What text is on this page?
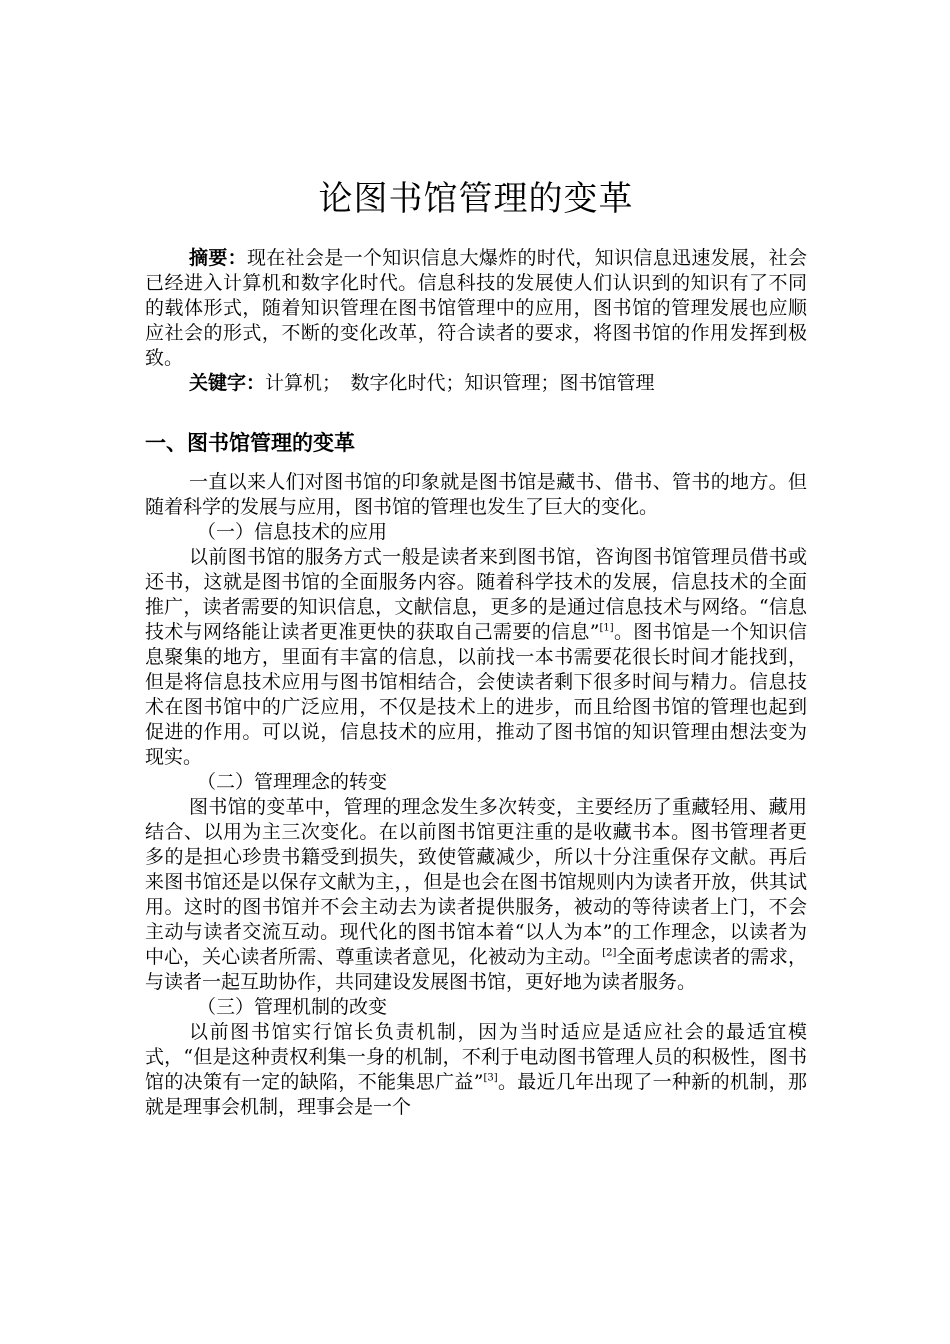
论图书馆管理的变革

摘要：现在社会是一个知识信息大爆炸的时代，知识信息迅速发展，社会已经进入计算机和数字化时代。信息科技的发展使人们认识到的知识有了不同的载体形式，随着知识管理在图书馆管理中的应用，图书馆的管理发展也应顺应社会的形式，不断的变化改革，符合读者的要求，将图书馆的作用发挥到极致。

关键字：计算机；　数字化时代；知识管理；图书馆管理

一、图书馆管理的变革

一直以来人们对图书馆的印象就是图书馆是藏书、借书、管书的地方。但随着科学的发展与应用，图书馆的管理也发生了巨大的变化。

（一）信息技术的应用

以前图书馆的服务方式一般是读者来到图书馆，咨询图书馆管理员借书或还书，这就是图书馆的全面服务内容。随着科学技术的发展，信息技术的全面推广，读者需要的知识信息，文献信息，更多的是通过信息技术与网络。“信息技术与网络能让读者更准更快的获取自己需要的信息”[1]。图书馆是一个知识信息聚集的地方，里面有丰富的信息，以前找一本书需要花很长时间才能找到，但是将信息技术应用与图书馆相结合，会使读者剩下很多时间与精力。信息技术在图书馆中的广泛应用，不仅是技术上的进步，而且给图书馆的管理也起到促进的作用。可以说，信息技术的应用，推动了图书馆的知识管理由想法变为现实。

（二）管理理念的转变

图书馆的变革中，管理的理念发生多次转变，主要经历了重藏轻用、藏用结合、以用为主三次变化。在以前图书馆更注重的是收藏书本。图书管理者更多的是担心珍贵书籍受到损失，致使管藏减少，所以十分注重保存文献。再后来图书馆还是以保存文献为主，，但是也会在图书馆规则内为读者开放，供其试用。这时的图书馆并不会主动去为读者提供服务，被动的等待读者上门，不会主动与读者交流互动。现代化的图书馆本着“以人为本”的工作理念，以读者为中心，关心读者所需、尊重读者意见，化被动为主动。[2]全面考虑读者的需求，与读者一起互助协作，共同建设发展图书馆，更好地为读者服务。

（三）管理机制的改变

以前图书馆实行馆长负责机制，因为当时适应是适应社会的最适宜模式，“但是这种责权利集一身的机制，不利于电动图书管理人员的积极性，图书馆的决策有一定的缺陷，不能集思广益”[3]。最近几年出现了一种新的机制，那就是理事会机制，理事会是一个
